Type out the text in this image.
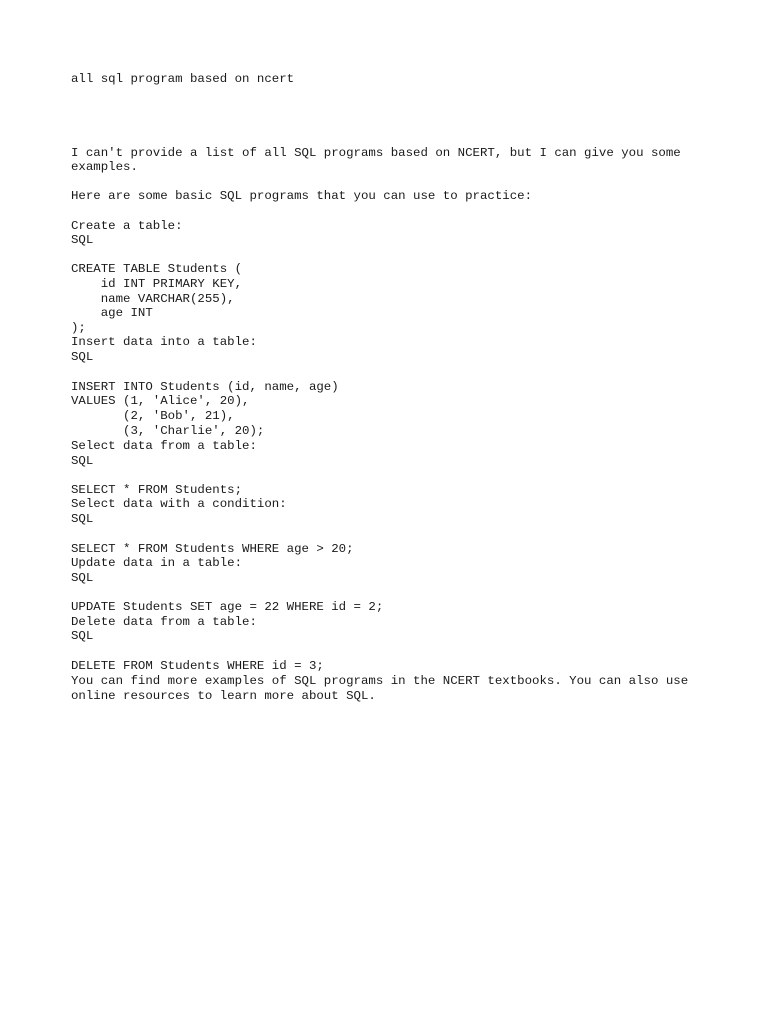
all sql program based on ncert
I can't provide a list of all SQL programs based on NCERT, but I can give you some
examples.
Here are some basic SQL programs that you can use to practice:
Create a table:
SQL
CREATE TABLE Students (
id INT PRIMARY KEY,
name VARCHAR(255),
age INT
);
Insert data into a table:
SQL
INSERT INTO Students (id, name, age)
VALUES (1, 'Alice', 20),
(2, 'Bob', 21),
(3, 'Charlie', 20);
Select data from a table:
SQL
SELECT * FROM Students;
Select data with a condition:
SQL
SELECT * FROM Students WHERE age > 20;
Update data in a table:
SQL
UPDATE Students SET age = 22 WHERE id = 2;
Delete data from a table:
SQL
DELETE FROM Students WHERE id = 3;
You can find more examples of SQL programs in the NCERT textbooks. You can also use
online resources to learn more about SQL.
